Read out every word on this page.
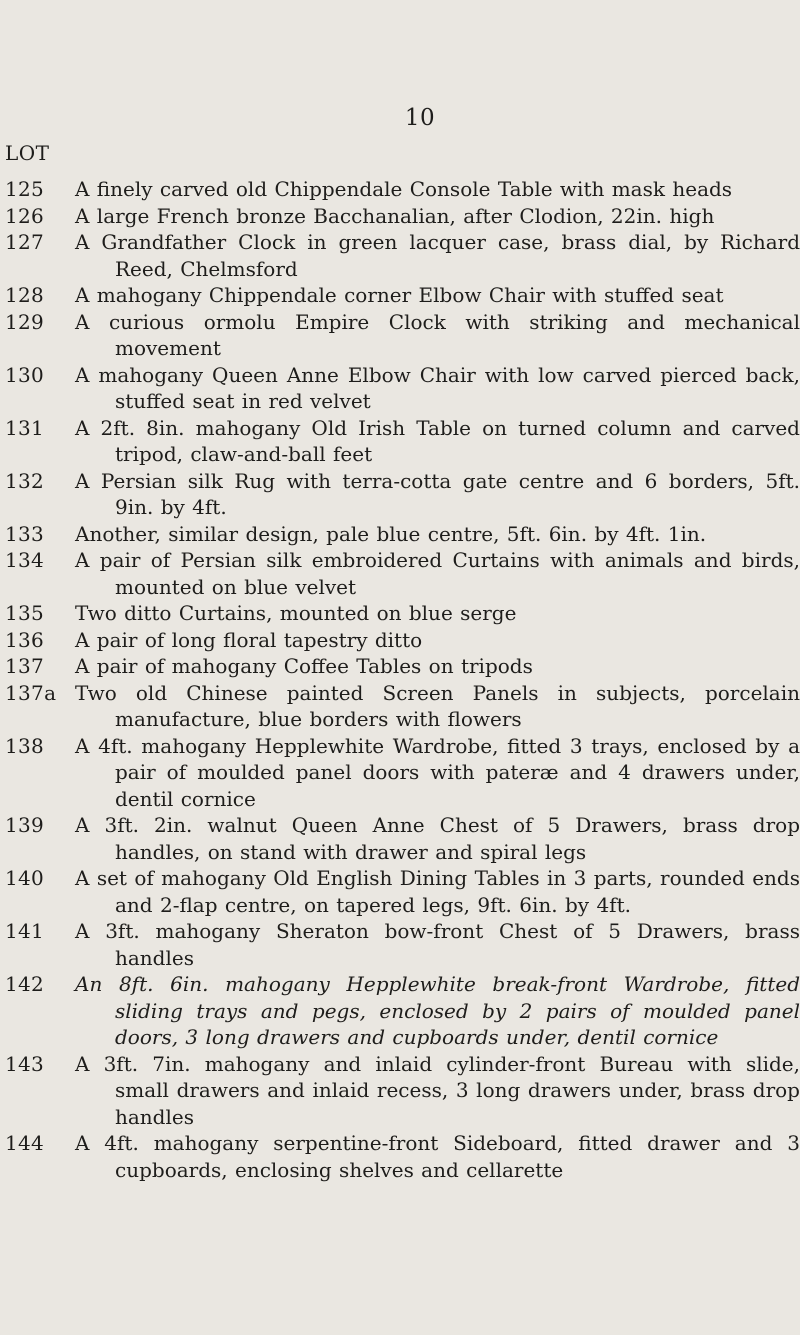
10
LOT
125	A finely carved old Chippendale Console Table with mask heads
126	A large French bronze Bacchanalian, after Clodion, 22in. high
127	A Grandfather Clock in green lacquer case, brass dial, by Richard Reed, Chelmsford
128	A mahogany Chippendale corner Elbow Chair with stuffed seat
129	A curious ormolu Empire Clock with striking and mechanical movement
130	A mahogany Queen Anne Elbow Chair with low carved pierced back, stuffed seat in red velvet
131	A 2ft. 8in. mahogany Old Irish Table on turned column and carved tripod, claw-and-ball feet
132	A Persian silk Rug with terra-cotta gate centre and 6 borders, 5ft. 9in. by 4ft.
133	Another, similar design, pale blue centre, 5ft. 6in. by 4ft. 1in.
134	A pair of Persian silk embroidered Curtains with animals and birds, mounted on blue velvet
135	Two ditto Curtains, mounted on blue serge
136	A pair of long floral tapestry ditto
137	A pair of mahogany Coffee Tables on tripods
137a Two old Chinese painted Screen Panels in subjects, porcelain manufacture, blue borders with flowers
138	A 4ft. mahogany Hepplewhite Wardrobe, fitted 3 trays, enclosed by a pair of moulded panel doors with pateræ and 4 drawers under, dentil cornice
139	A 3ft. 2in. walnut Queen Anne Chest of 5 Drawers, brass drop handles, on stand with drawer and spiral legs
140	A set of mahogany Old English Dining Tables in 3 parts, rounded ends and 2-flap centre, on tapered legs, 9ft. 6in. by 4ft.
141	A 3ft. mahogany Sheraton bow-front Chest of 5 Drawers, brass handles
142	An 8ft. 6in. mahogany Hepplewhite break-front Wardrobe, fitted sliding trays and pegs, enclosed by 2 pairs of moulded panel doors, 3 long drawers and cupboards under, dentil cornice
143	A 3ft. 7in. mahogany and inlaid cylinder-front Bureau with slide, small drawers and inlaid recess, 3 long drawers under, brass drop handles
144	A 4ft. mahogany serpentine-front Sideboard, fitted drawer and 3 cupboards, enclosing shelves and cellarette
